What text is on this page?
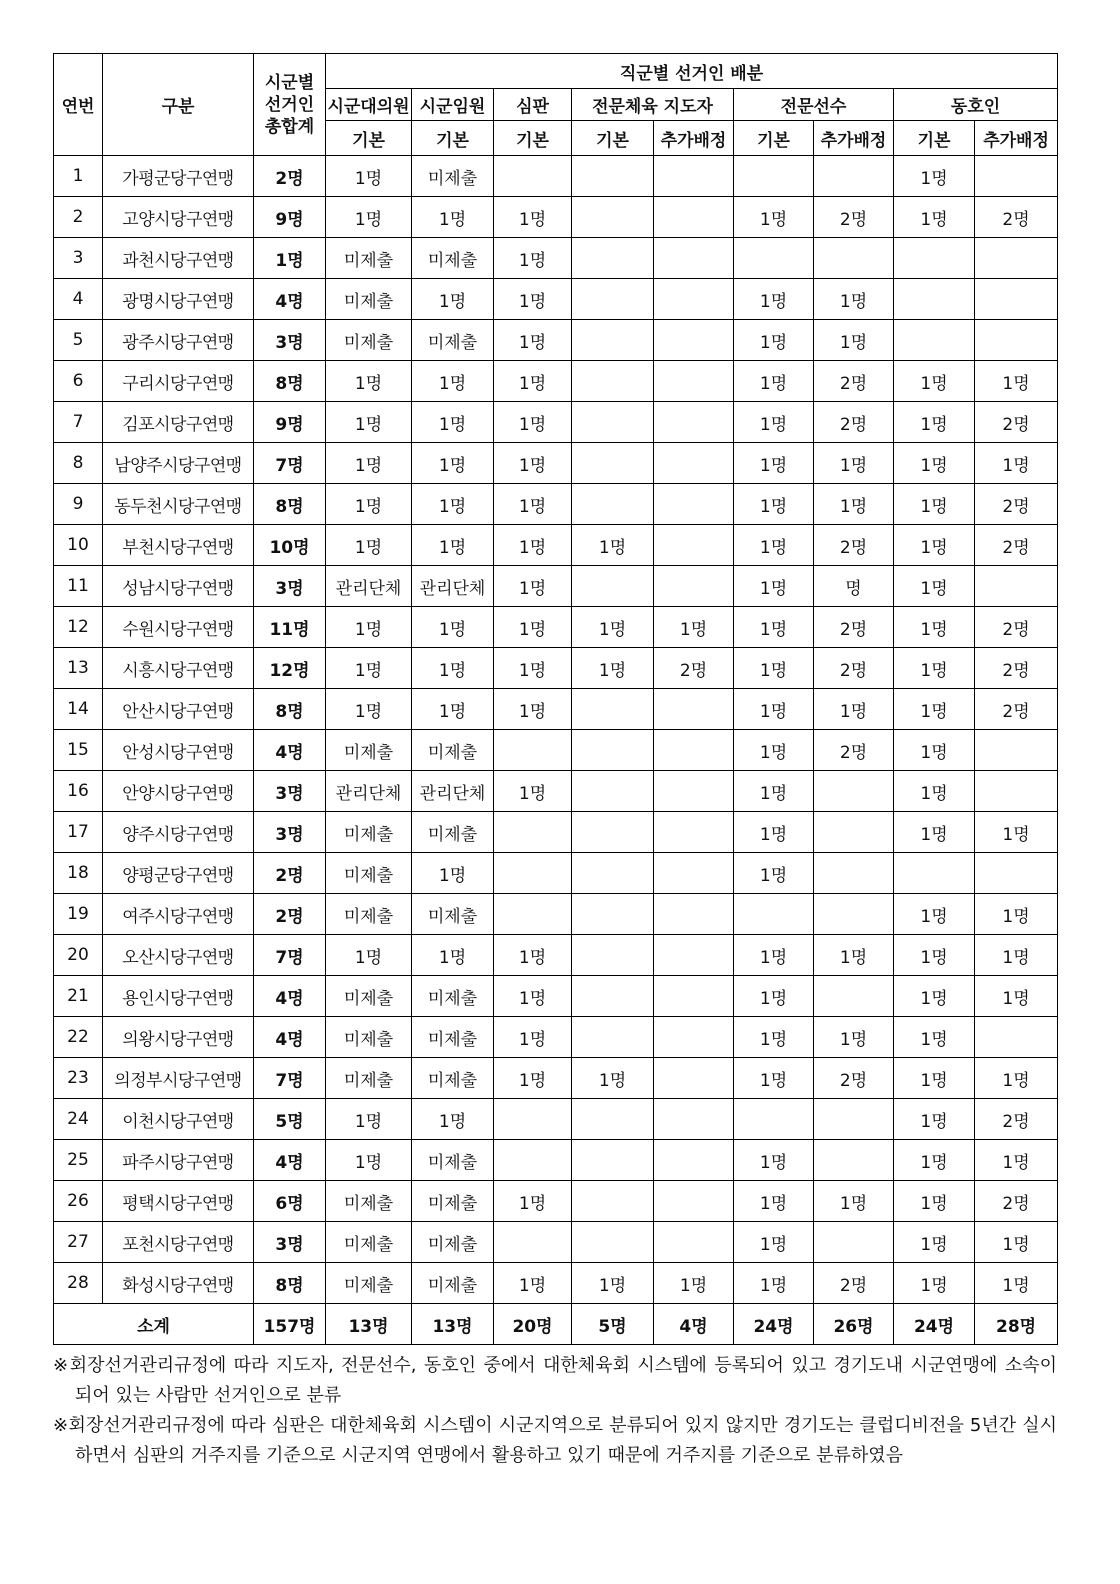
연번	구분	시군별
선거인
총합계	직군별 선거인 배분								
			시군대의원	시군임원	심판	전문체육 지도자		전문선수		동호인	
			기본	기본	기본	기본	추가배정	기본	추가배정	기본	추가배정
1	가평군당구연맹	2명	1명	미제출						1명	
2	고양시당구연맹	9명	1명	1명	1명			1명	2명	1명	2명
3	과천시당구연맹	1명	미제출	미제출	1명						
4	광명시당구연맹	4명	미제출	1명	1명			1명	1명		
5	광주시당구연맹	3명	미제출	미제출	1명			1명	1명		
6	구리시당구연맹	8명	1명	1명	1명			1명	2명	1명	1명
7	김포시당구연맹	9명	1명	1명	1명			1명	2명	1명	2명
8	남양주시당구연맹	7명	1명	1명	1명			1명	1명	1명	1명
9	동두천시당구연맹	8명	1명	1명	1명			1명	1명	1명	2명
10	부천시당구연맹	10명	1명	1명	1명	1명		1명	2명	1명	2명
11	성남시당구연맹	3명	관리단체	관리단체	1명			1명	명	1명	
12	수원시당구연맹	11명	1명	1명	1명	1명	1명	1명	2명	1명	2명
13	시흥시당구연맹	12명	1명	1명	1명	1명	2명	1명	2명	1명	2명
14	안산시당구연맹	8명	1명	1명	1명			1명	1명	1명	2명
15	안성시당구연맹	4명	미제출	미제출				1명	2명	1명	
16	안양시당구연맹	3명	관리단체	관리단체	1명			1명		1명	
17	양주시당구연맹	3명	미제출	미제출				1명		1명	1명
18	양평군당구연맹	2명	미제출	1명				1명			
19	여주시당구연맹	2명	미제출	미제출						1명	1명
20	오산시당구연맹	7명	1명	1명	1명			1명	1명	1명	1명
21	용인시당구연맹	4명	미제출	미제출	1명			1명		1명	1명
22	의왕시당구연맹	4명	미제출	미제출	1명			1명	1명	1명	
23	의정부시당구연맹	7명	미제출	미제출	1명	1명		1명	2명	1명	1명
24	이천시당구연맹	5명	1명	1명						1명	2명
25	파주시당구연맹	4명	1명	미제출				1명		1명	1명
26	평택시당구연맹	6명	미제출	미제출	1명			1명	1명	1명	2명
27	포천시당구연맹	3명	미제출	미제출				1명		1명	1명
28	화성시당구연맹	8명	미제출	미제출	1명	1명	1명	1명	2명	1명	1명
소계		157명	13명	13명	20명	5명	4명	24명	26명	24명	28명
※회장선거관리규정에 따라 지도자, 전문선수, 동호인 중에서 대한체육회 시스템에 등록되어 있고 경기도내 시군연맹에 소속이 되어 있는 사람만 선거인으로 분류
※회장선거관리규정에 따라 심판은 대한체육회 시스템이 시군지역으로 분류되어 있지 않지만 경기도는 클럽디비전을 5년간 실시하면서 심판의 거주지를 기준으로 시군지역 연맹에서 활용하고 있기 때문에 거주지를 기준으로 분류하였음
